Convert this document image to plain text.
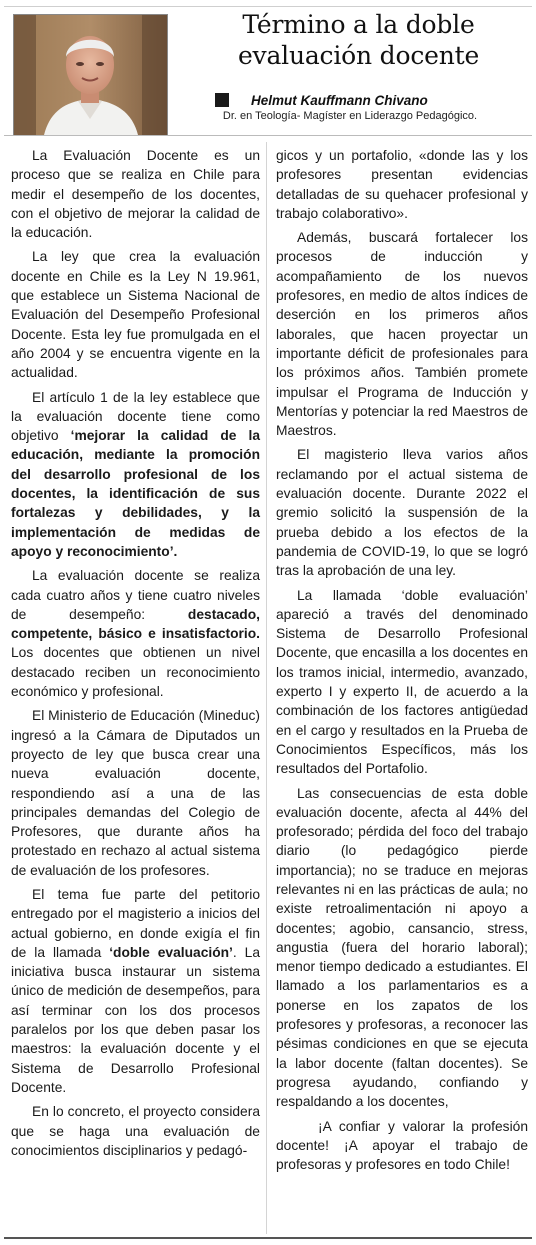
Término a la doble
evaluación docente
Helmut Kauffmann Chivano
Dr. en Teología- Magíster en Liderazgo Pedagógico.

La Evaluación Docente es un proceso que se realiza en Chile para medir el desempeño de los docentes, con el objetivo de mejorar la calidad de la educación.

La ley que crea la evaluación docente en Chile es la Ley N 19.961, que establece un Sistema Nacional de Evaluación del Desempeño Profesional Docente. Esta ley fue promulgada en el año 2004 y se encuentra vigente en la actualidad.

El artículo 1 de la ley establece que la evaluación docente tiene como objetivo ‘mejorar la calidad de la educación, mediante la promoción del desarrollo profesional de los docentes, la identificación de sus fortalezas y debilidades, y la implementación de medidas de apoyo y reconocimiento’.

La evaluación docente se realiza cada cuatro años y tiene cuatro niveles de desempeño: destacado, competente, básico e insatisfactorio. Los docentes que obtienen un nivel destacado reciben un reconocimiento económico y profesional.

El Ministerio de Educación (Mineduc) ingresó a la Cámara de Diputados un proyecto de ley que busca crear una nueva evaluación docente, respondiendo así a una de las principales demandas del Colegio de Profesores, que durante años ha protestado en rechazo al actual sistema de evaluación de los profesores.

El tema fue parte del petitorio entregado por el magisterio a inicios del actual gobierno, en donde exigía el fin de la llamada ‘doble evaluación’. La iniciativa busca instaurar un sistema único de medición de desempeños, para así terminar con los dos procesos paralelos por los que deben pasar los maestros: la evaluación docente y el Sistema de Desarrollo Profesional Docente.

En lo concreto, el proyecto considera que se haga una evaluación de conocimientos disciplinarios y pedagó-

gicos y un portafolio, «donde las y los profesores presentan evidencias detalladas de su quehacer profesional y trabajo colaborativo».

Además, buscará fortalecer los procesos de inducción y acompañamiento de los nuevos profesores, en medio de altos índices de deserción en los primeros años laborales, que hacen proyectar un importante déficit de profesionales para los próximos años. También promete impulsar el Programa de Inducción y Mentorías y potenciar la red Maestros de Maestros.

El magisterio lleva varios años reclamando por el actual sistema de evaluación docente. Durante 2022 el gremio solicitó la suspensión de la prueba debido a los efectos de la pandemia de COVID-19, lo que se logró tras la aprobación de una ley.

La llamada ‘doble evaluación’ apareció a través del denominado Sistema de Desarrollo Profesional Docente, que encasilla a los docentes en los tramos inicial, intermedio, avanzado, experto I y experto II, de acuerdo a la combinación de los factores antigüedad en el cargo y resultados en la Prueba de Conocimientos Específicos, más los resultados del Portafolio.

Las consecuencias de esta doble evaluación docente, afecta al 44% del profesorado; pérdida del foco del trabajo diario (lo pedagógico pierde importancia); no se traduce en mejoras relevantes ni en las prácticas de aula; no existe retroalimentación ni apoyo a docentes; agobio, cansancio, stress, angustia (fuera del horario laboral); menor tiempo dedicado a estudiantes. El llamado a los parlamentarios es a ponerse en los zapatos de los profesores y profesoras, a reconocer las pésimas condiciones en que se ejecuta la labor docente (faltan docentes). Se progresa ayudando, confiando y respaldando a los docentes,

¡A confiar y valorar la profesión docente! ¡A apoyar el trabajo de profesoras y profesores en todo Chile!
